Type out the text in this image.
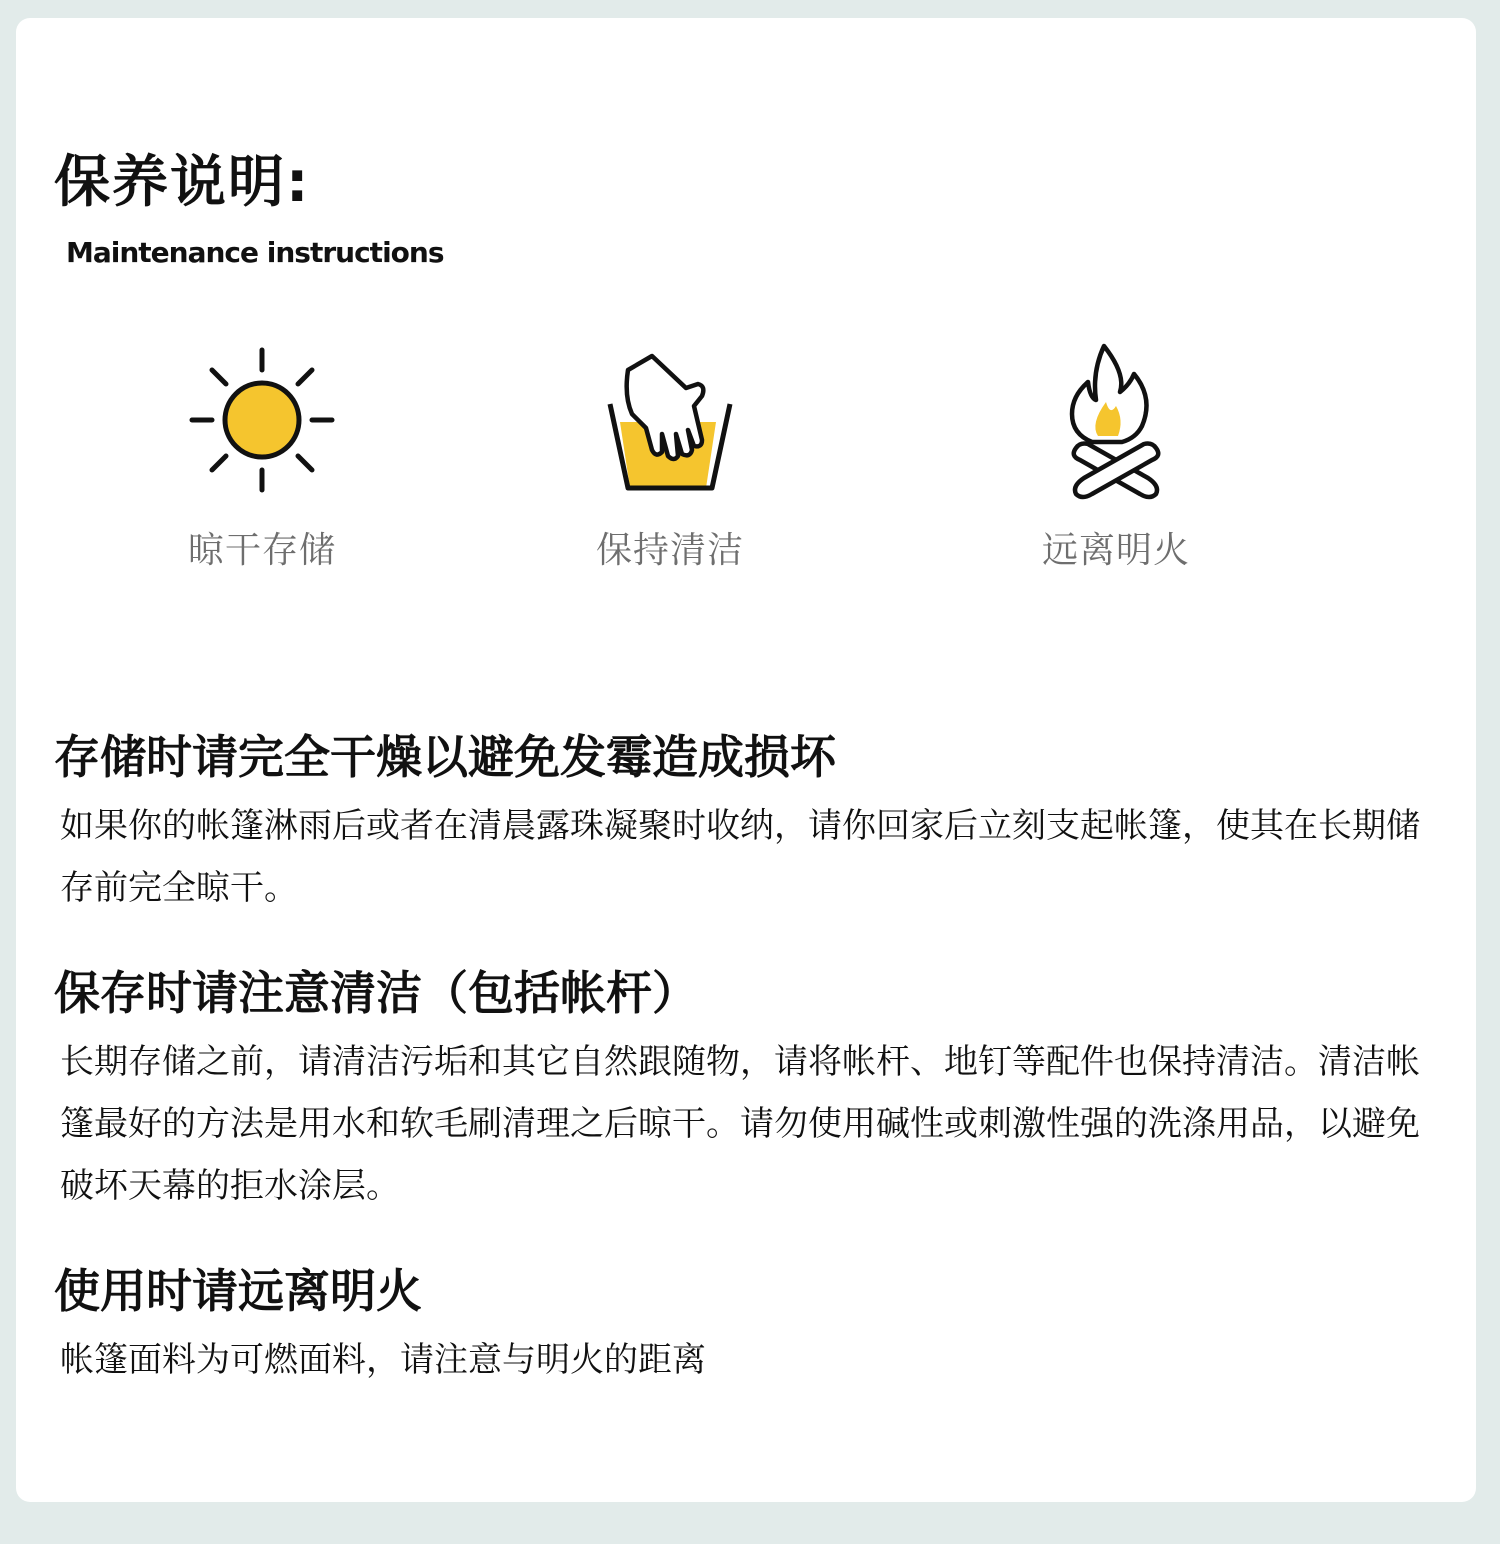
保养说明:

Maintenance instructions

晾干存储	保持清洁	远离明火
存储时请完全干燥以避免发霉造成损坏

如果你的帐篷淋雨后或者在清晨露珠凝聚时收纳，请你回家后立刻支起帐篷，使其在长期储存前完全晾干。

保存时请注意清洁（包括帐杆）

长期存储之前，请清洁污垢和其它自然跟随物，请将帐杆、地钉等配件也保持清洁。清洁帐篷最好的方法是用水和软毛刷清理之后晾干。请勿使用碱性或刺激性强的洗涤用品，以避免破坏天幕的拒水涂层。

使用时请远离明火

帐篷面料为可燃面料，请注意与明火的距离
